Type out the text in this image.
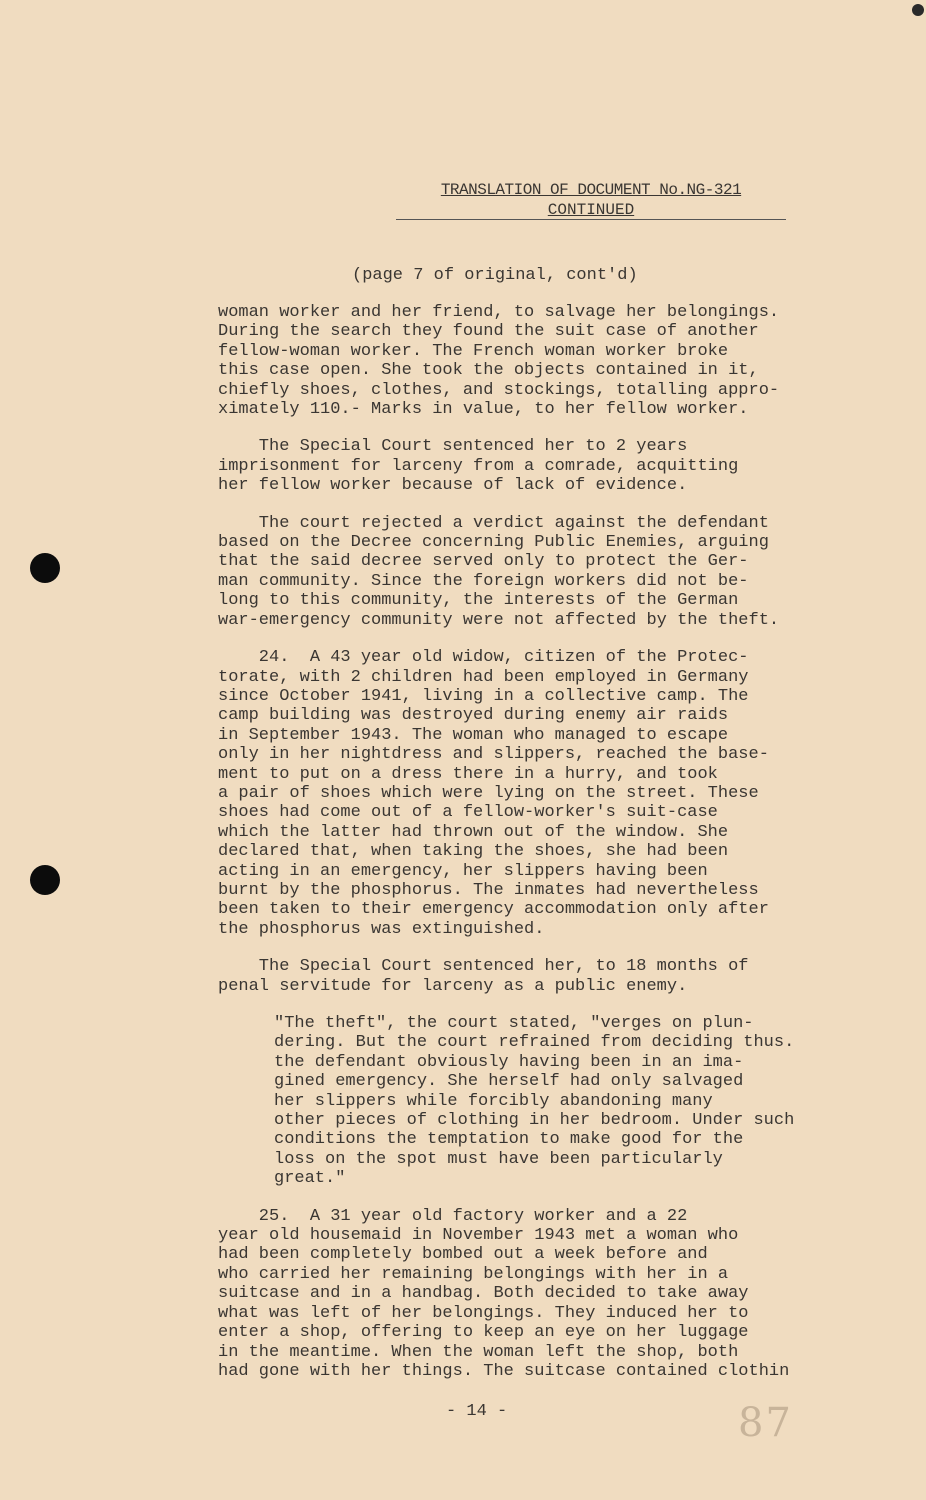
TRANSLATION OF DOCUMENT No.NG-321
CONTINUED
(page 7 of original, cont'd)
woman worker and her friend, to salvage her belongings.
During the search they found the suit case of another
fellow-woman worker. The French woman worker broke
this case open. She took the objects contained in it,
chiefly shoes, clothes, and stockings, totalling appro-
ximately 110.- Marks in value, to her fellow worker.
The Special Court sentenced her to 2 years
imprisonment for larceny from a comrade, acquitting
her fellow worker because of lack of evidence.
The court rejected a verdict against the defendant
based on the Decree concerning Public Enemies, arguing
that the said decree served only to protect the Ger-
man community. Since the foreign workers did not be-
long to this community, the interests of the German
war-emergency community were not affected by the theft.
24.  A 43 year old widow, citizen of the Protec-
torate, with 2 children had been employed in Germany
since October 1941, living in a collective camp. The
camp building was destroyed during enemy air raids
in September 1943. The woman who managed to escape
only in her nightdress and slippers, reached the base-
ment to put on a dress there in a hurry, and took
a pair of shoes which were lying on the street. These
shoes had come out of a fellow-worker's suit-case
which the latter had thrown out of the window. She
declared that, when taking the shoes, she had been
acting in an emergency, her slippers having been
burnt by the phosphorus. The inmates had nevertheless
been taken to their emergency accommodation only after
the phosphorus was extinguished.
The Special Court sentenced her, to 18 months of
penal servitude for larceny as a public enemy.
"The theft", the court stated, "verges on plun-
dering. But the court refrained from deciding thus.
the defendant obviously having been in an ima-
gined emergency. She herself had only salvaged
her slippers while forcibly abandoning many
other pieces of clothing in her bedroom. Under such
conditions the temptation to make good for the
loss on the spot must have been particularly
great."
25.  A 31 year old factory worker and a 22
year old housemaid in November 1943 met a woman who
had been completely bombed out a week before and
who carried her remaining belongings with her in a
suitcase and in a handbag. Both decided to take away
what was left of her belongings. They induced her to
enter a shop, offering to keep an eye on her luggage
in the meantime. When the woman left the shop, both
had gone with her things. The suitcase contained clothin
- 14 -	87
